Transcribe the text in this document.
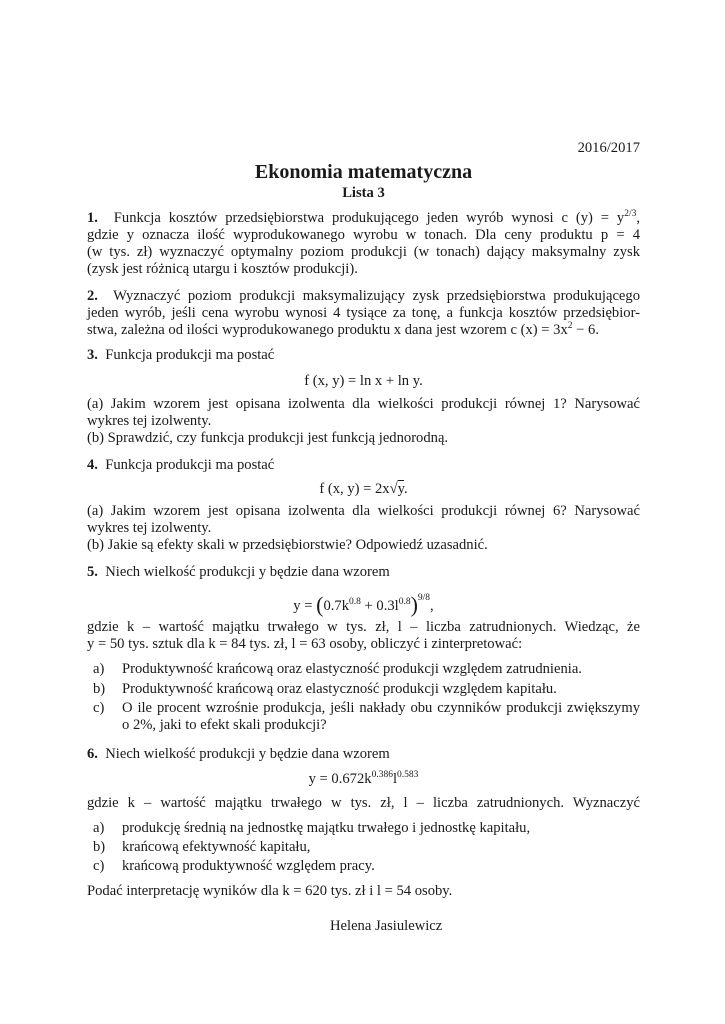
2016/2017
Ekonomia matematyczna
Lista 3
1. Funkcja kosztów przedsiębiorstwa produkującego jeden wyrób wynosi c $(y) = y^{2/3}$,
gdzie y oznacza ilość wyprodukowanego wyrobu w tonach. Dla ceny produktu p = 4
(w tys. zł) wyznaczyć optymalny poziom produkcji (w tonach) dający maksymalny zysk
(zysk jest różnicą utargu i kosztów produkcji).
2. Wyznaczyć poziom produkcji maksymalizujący zysk przedsiębiorstwa produkującego
jeden wyrób, jeśli cena wyrobu wynosi 4 tysiące za tonę, a funkcja kosztów przedsiębior-
stwa, zależna od ilości wyprodukowanego produktu x dana jest wzorem c $(x) = 3x^2 - 6$.
3. Funkcja produkcji ma postać
f (x, y) = ln x + ln y.
(a) Jakim wzorem jest opisana izolwenta dla wielkości produkcji równej 1? Narysować
wykres tej izolwenty.
(b) Sprawdzić, czy funkcja produkcji jest funkcją jednorodną.
4. Funkcja produkcji ma postać
f (x, y) = 2x√y.
(a) Jakim wzorem jest opisana izolwenta dla wielkości produkcji równej 6? Narysować
wykres tej izolwenty.
(b) Jakie są efekty skali w przedsiębiorstwie? Odpowiedź uzasadnić.
5. Niech wielkość produkcji y będzie dana wzorem
$y = (0.7k^{0.8} + 0.3l^{0.8})^{9/8}$,
gdzie k – wartość majątku trwałego w tys. zł, l – liczba zatrudnionych. Wiedząc, że
y = 50 tys. sztuk dla k = 84 tys. zł, l = 63 osoby, obliczyć i zinterpretować:
a)	Produktywność krańcową oraz elastyczność produkcji względem zatrudnienia.
b)	Produktywność krańcową oraz elastyczność produkcji względem kapitału.
c)	O ile procent wzrośnie produkcja, jeśli nakłady obu czynników produkcji zwiększymy
o 2%, jaki to efekt skali produkcji?
6. Niech wielkość produkcji y będzie dana wzorem
$y = 0.672k^{0.386}l^{0.583}$
gdzie k – wartość majątku trwałego w tys. zł, l – liczba zatrudnionych. Wyznaczyć
a)	produkcję średnią na jednostkę majątku trwałego i jednostkę kapitału,
b)	krańcową efektywność kapitału,
c)	krańcową produktywność względem pracy.
Podać interpretację wyników dla k = 620 tys. zł i l = 54 osoby.
Helena Jasiulewicz
